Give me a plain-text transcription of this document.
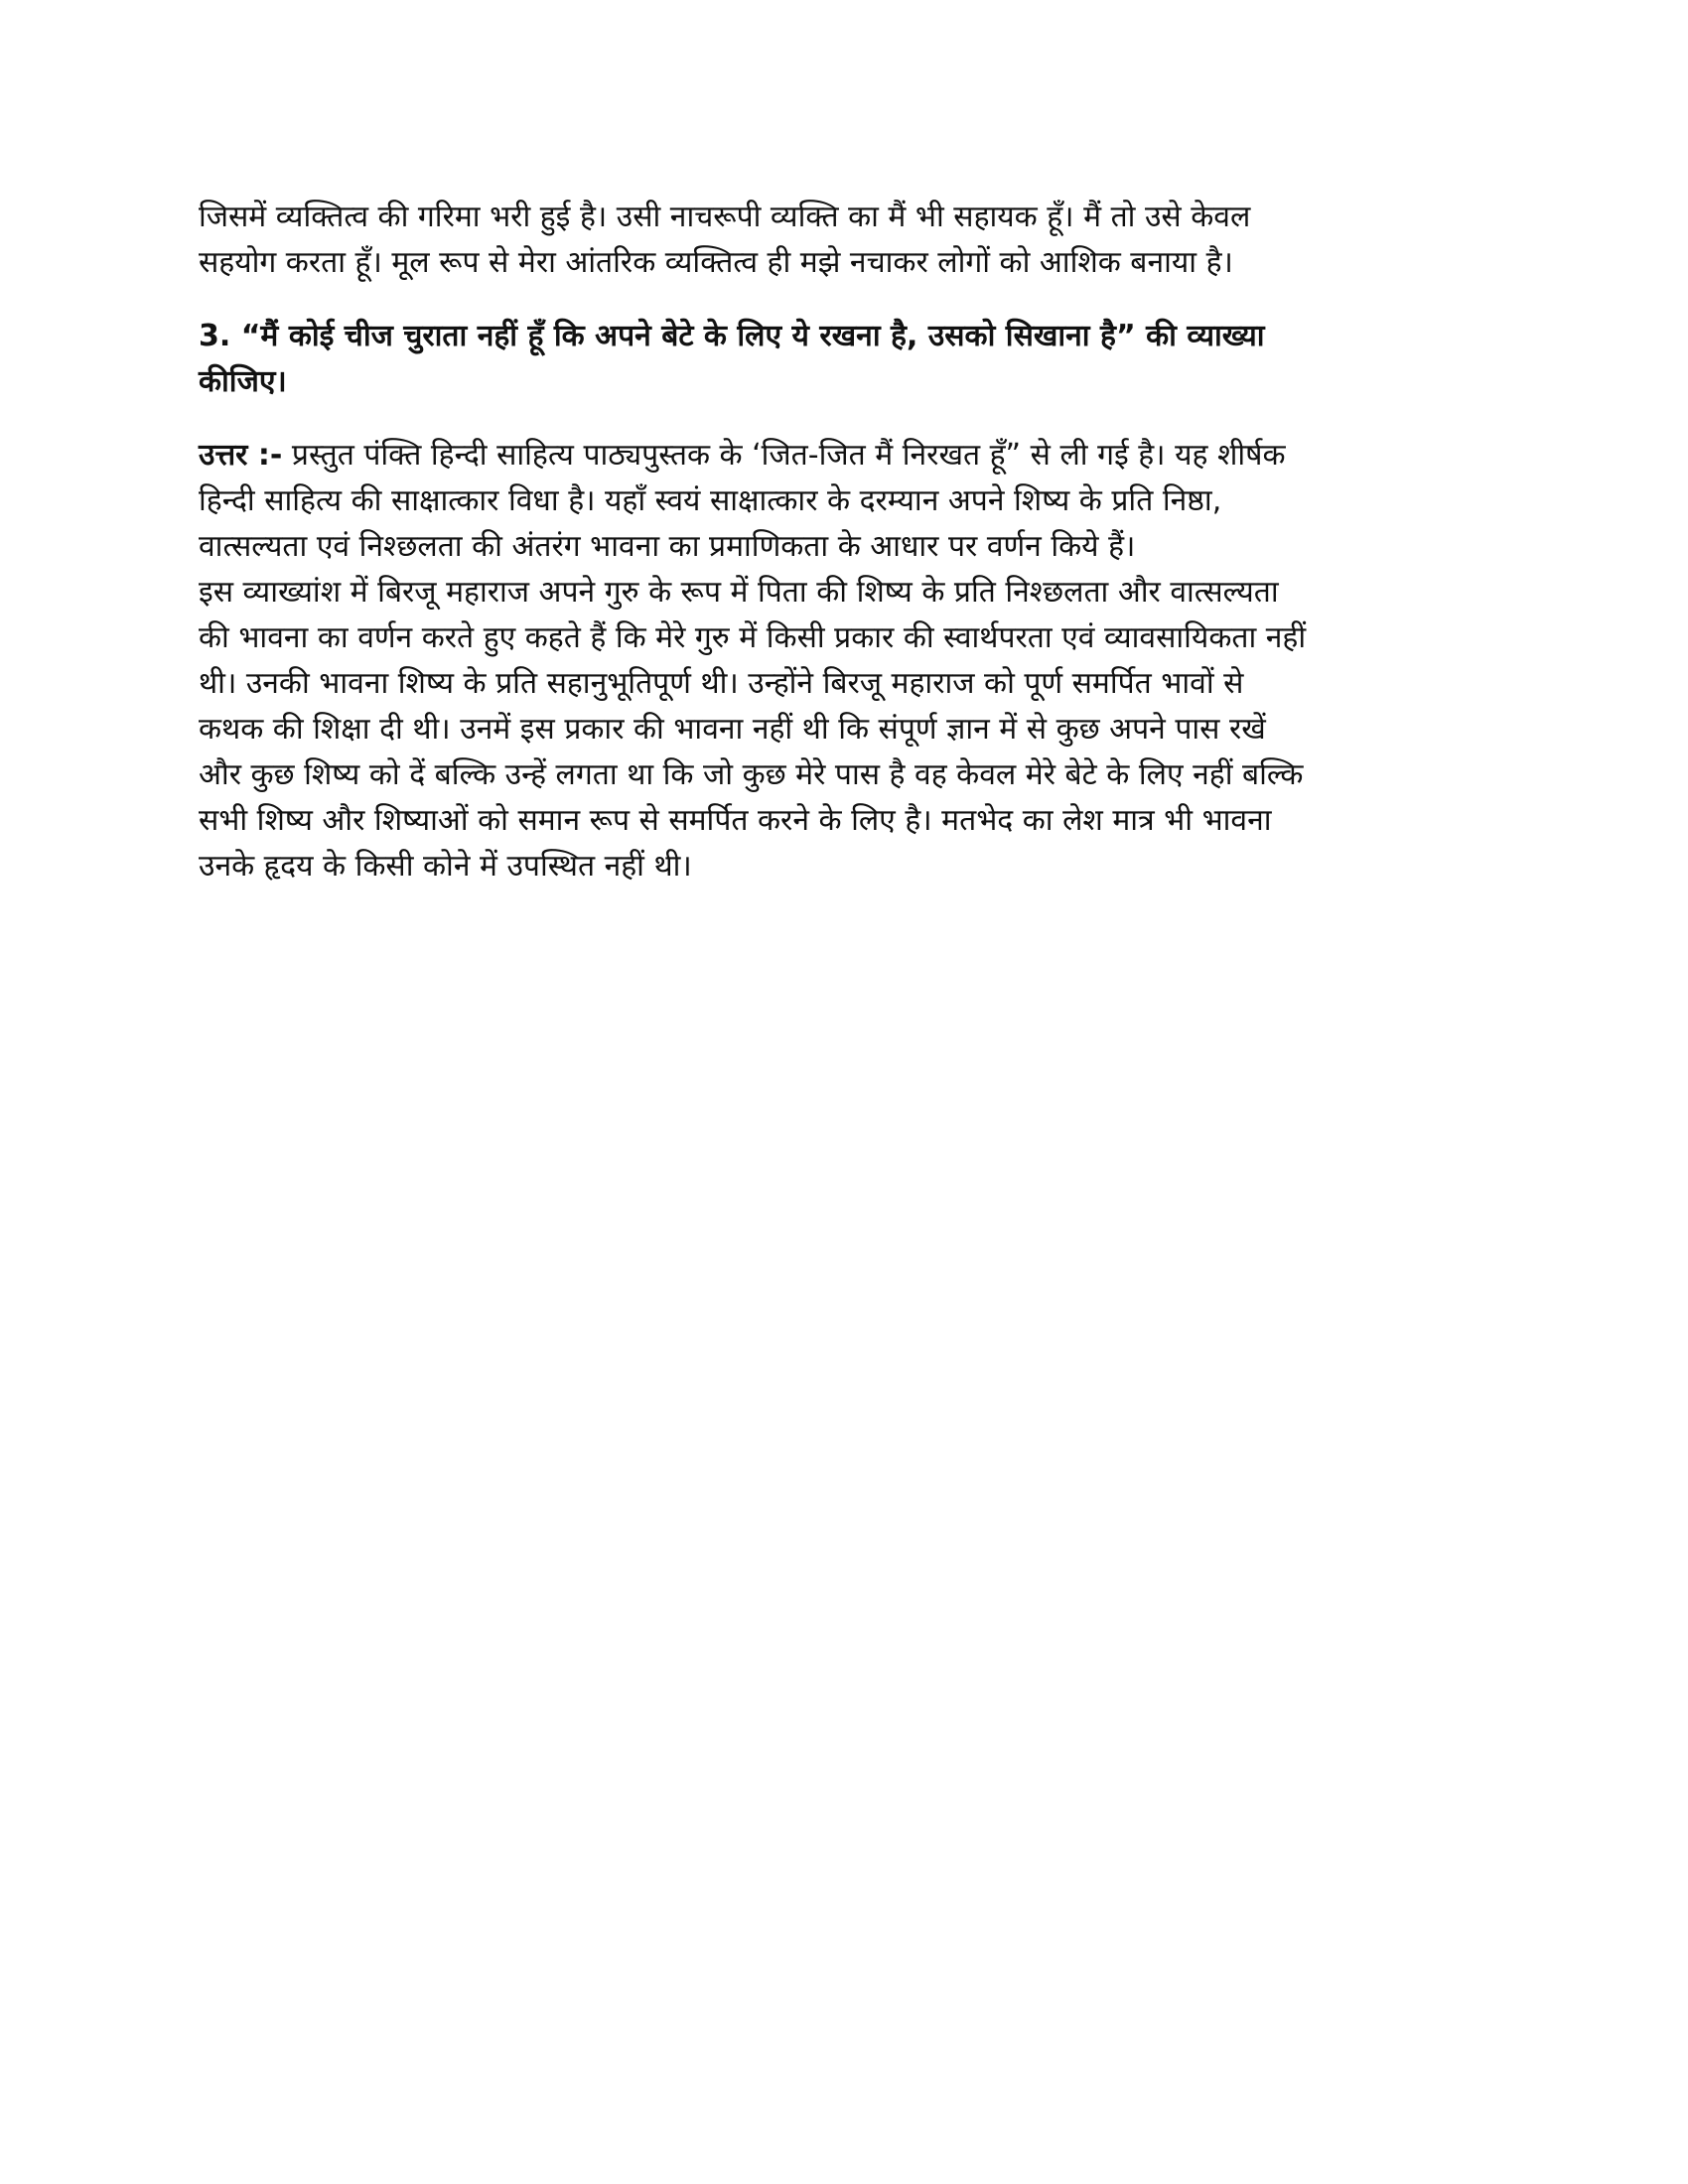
जिसमें व्यक्तित्व की गरिमा भरी हुई है। उसी नाचरूपी व्यक्ति का मैं भी सहायक हूँ। मैं तो उसे केवल
सहयोग करता हूँ। मूल रूप से मेरा आंतरिक व्यक्तित्व ही मझे नचाकर लोगों को आशिक बनाया है।
3. “मैं कोई चीज चुराता नहीं हूँ कि अपने बेटे के लिए ये रखना है, उसको सिखाना है” की व्याख्या
कीजिए।
उत्तर :- प्रस्तुत पंक्ति हिन्दी साहित्य पाठ्यपुस्तक के ‘जित-जित मैं निरखत हूँ” से ली गई है। यह शीर्षक
हिन्दी साहित्य की साक्षात्कार विधा है। यहाँ स्वयं साक्षात्कार के दरम्यान अपने शिष्य के प्रति निष्ठा,
वात्सल्यता एवं निश्छलता की अंतरंग भावना का प्रमाणिकता के आधार पर वर्णन किये हैं।
इस व्याख्यांश में बिरजू महाराज अपने गुरु के रूप में पिता की शिष्य के प्रति निश्छलता और वात्सल्यता
की भावना का वर्णन करते हुए कहते हैं कि मेरे गुरु में किसी प्रकार की स्वार्थपरता एवं व्यावसायिकता नहीं
थी। उनकी भावना शिष्य के प्रति सहानुभूतिपूर्ण थी। उन्होंने बिरजू महाराज को पूर्ण समर्पित भावों से
कथक की शिक्षा दी थी। उनमें इस प्रकार की भावना नहीं थी कि संपूर्ण ज्ञान में से कुछ अपने पास रखें
और कुछ शिष्य को दें बल्कि उन्हें लगता था कि जो कुछ मेरे पास है वह केवल मेरे बेटे के लिए नहीं बल्कि
सभी शिष्य और शिष्याओं को समान रूप से समर्पित करने के लिए है। मतभेद का लेश मात्र भी भावना
उनके हृदय के किसी कोने में उपस्थित नहीं थी।
